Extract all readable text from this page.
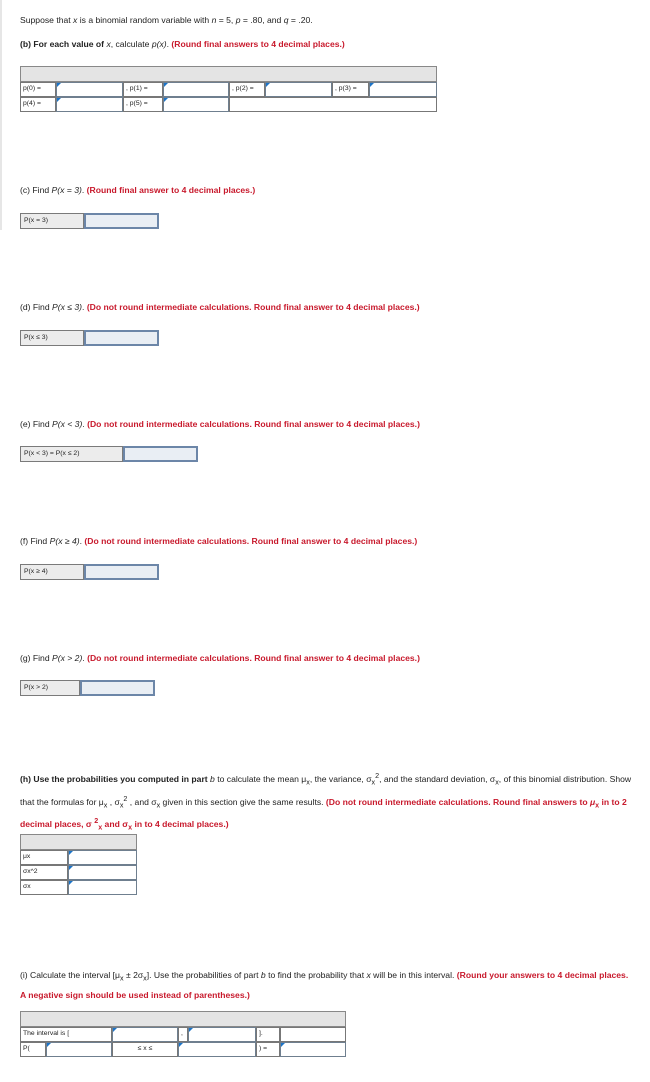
Suppose that x is a binomial random variable with n = 5, p = .80, and q = .20.
(b) For each value of x, calculate p(x). (Round final answers to 4 decimal places.)
p(0) =	, p(1) =	, p(2) =	, p(3) =
p(4) =	, p(5) =
(c) Find P(x = 3). (Round final answer to 4 decimal places.)
P(x = 3)
(d) Find P(x ≤ 3). (Do not round intermediate calculations. Round final answer to 4 decimal places.)
P(x ≤ 3)
(e) Find P(x < 3). (Do not round intermediate calculations. Round final answer to 4 decimal places.)
P(x < 3) = P(x ≤ 2)
(f) Find P(x ≥ 4). (Do not round intermediate calculations. Round final answer to 4 decimal places.)
P(x ≥ 4)
(g) Find P(x > 2). (Do not round intermediate calculations. Round final answer to 4 decimal places.)
P(x > 2)
(h) Use the probabilities you computed in part b to calculate the mean $\mu_x$, the variance, $\sigma_x^2$, and the standard deviation, $\sigma_x$, of this binomial distribution. Show that the formulas for $\mu_x$ , $\sigma_x^2$ , and $\sigma_x$ given in this section give the same results. (Do not round intermediate calculations. Round final answers to $\mu_x$ in to 2 decimal places, σ $^2_x$ and $\sigma_x$ in to 4 decimal places.)
μx
σx^2
σx
(i) Calculate the interval $[\mu_x \pm 2\sigma_x]$. Use the probabilities of part b to find the probability that x will be in this interval. (Round your answers to 4 decimal places. A negative sign should be used instead of parentheses.)
The interval is [	,	].
P(	≤ x ≤	) =
